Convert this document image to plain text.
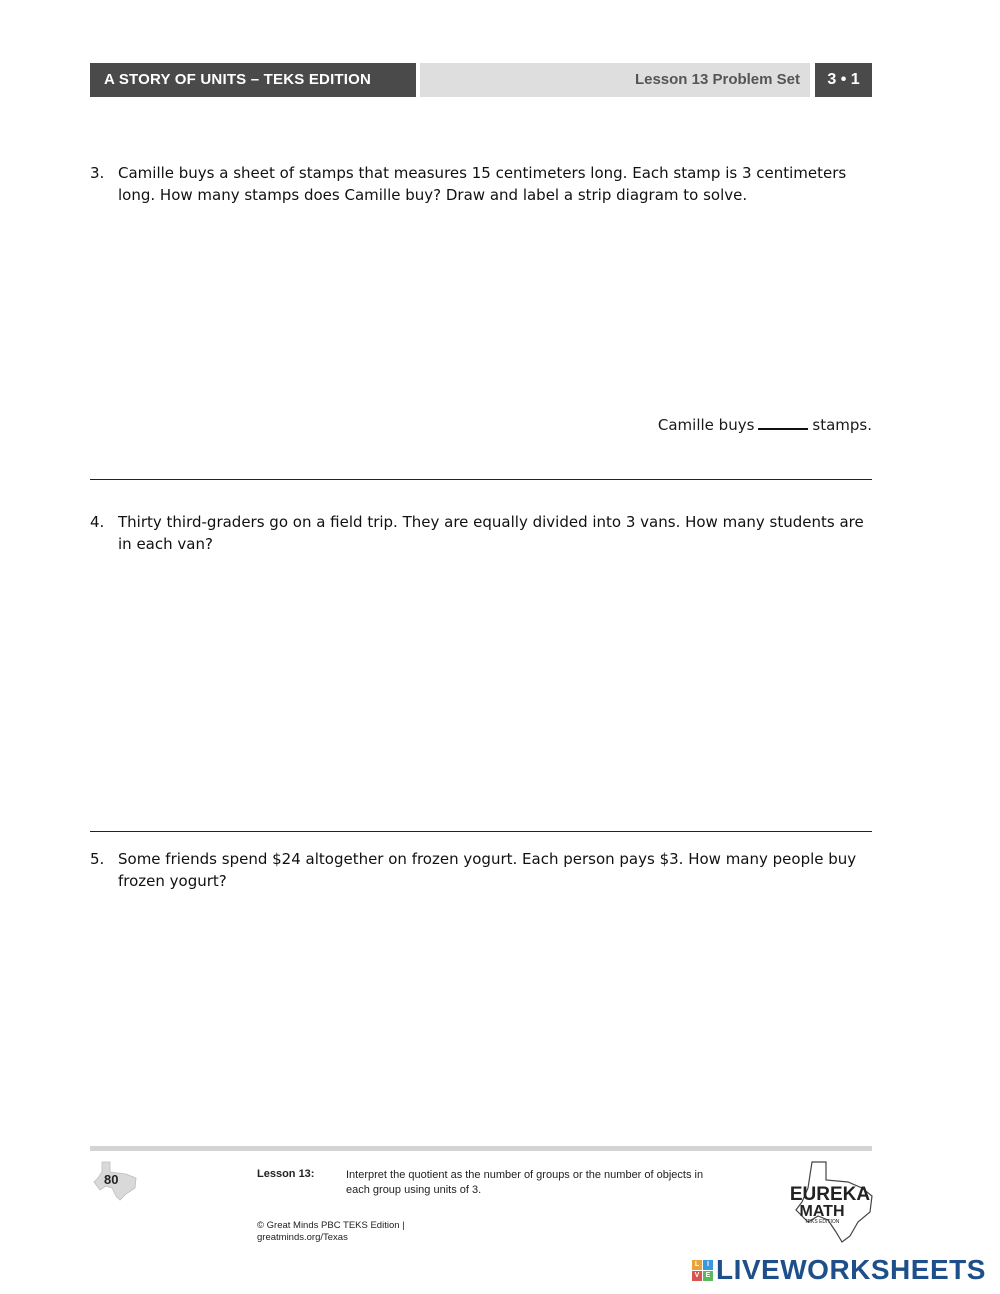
A STORY OF UNITS – TEKS EDITION	Lesson 13 Problem Set	3 • 1
3. Camille buys a sheet of stamps that measures 15 centimeters long. Each stamp is 3 centimeters long. How many stamps does Camille buy? Draw and label a strip diagram to solve.
Camille buys	stamps.
4. Thirty third-graders go on a field trip. They are equally divided into 3 vans. How many students are in each van?
5. Some friends spend $24 altogether on frozen yogurt. Each person pays $3. How many people buy frozen yogurt?
80	Lesson 13:	Interpret the quotient as the number of groups or the number of objects in each group using units of 3.
© Great Minds PBC TEKS Edition |
greatminds.org/Texas
EUREKA
MATH
TEKS EDITION
L	I
V E LIVEWORKSHEETS
